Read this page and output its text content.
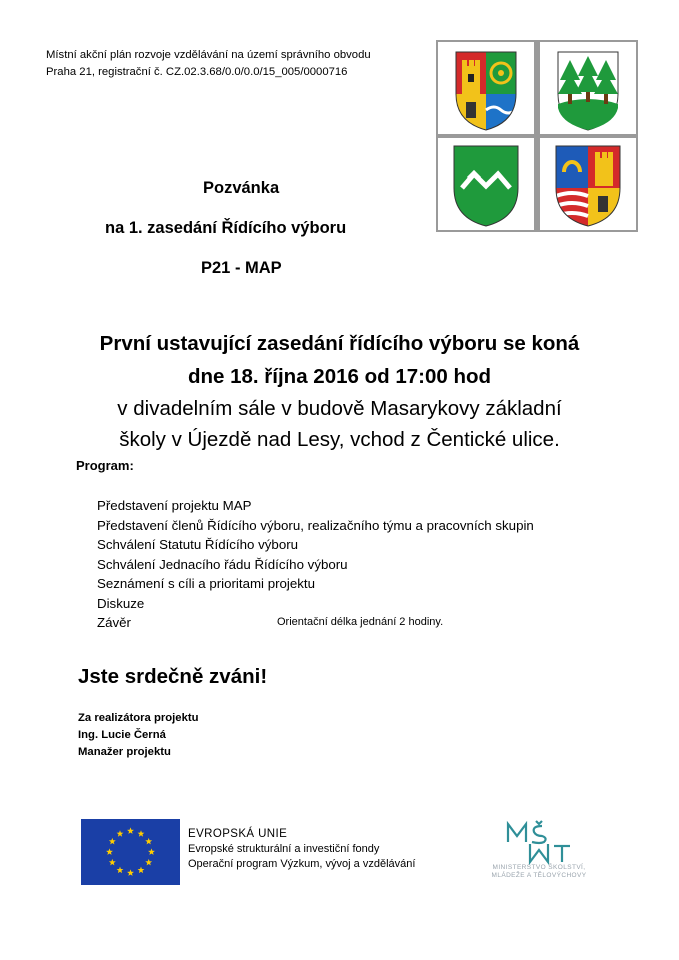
Místní akční plán rozvoje vzdělávání na území správního obvodu
Praha 21, registrační č. CZ.02.3.68/0.0/0.0/15_005/0000716
Pozvánka
na 1. zasedání Řídícího výboru
P21 - MAP
První ustavující zasedání řídícího výboru se koná
dne 18. října 2016 od 17:00 hod
v divadelním sále v budově Masarykovy základní
školy v Újezdě nad Lesy, vchod z Čentické ulice.
Program:
Představení projektu MAP
Představení členů Řídícího výboru, realizačního týmu a pracovních skupin
Schválení Statutu Řídícího výboru
Schválení Jednacího řádu Řídícího výboru
Seznámení s cíli a prioritami projektu
Diskuze
Závěr	Orientační délka jednání 2 hodiny.
Jste srdečně zváni!
Za realizátora projektu
Ing. Lucie Černá
Manažer projektu
EVROPSKÁ UNIE
Evropské strukturální a investiční fondy
Operační program Výzkum, vývoj a vzdělávání	MINISTERSTVO ŠKOLSTVÍ,
MLÁDEŽE A TĚLOVÝCHOVY
